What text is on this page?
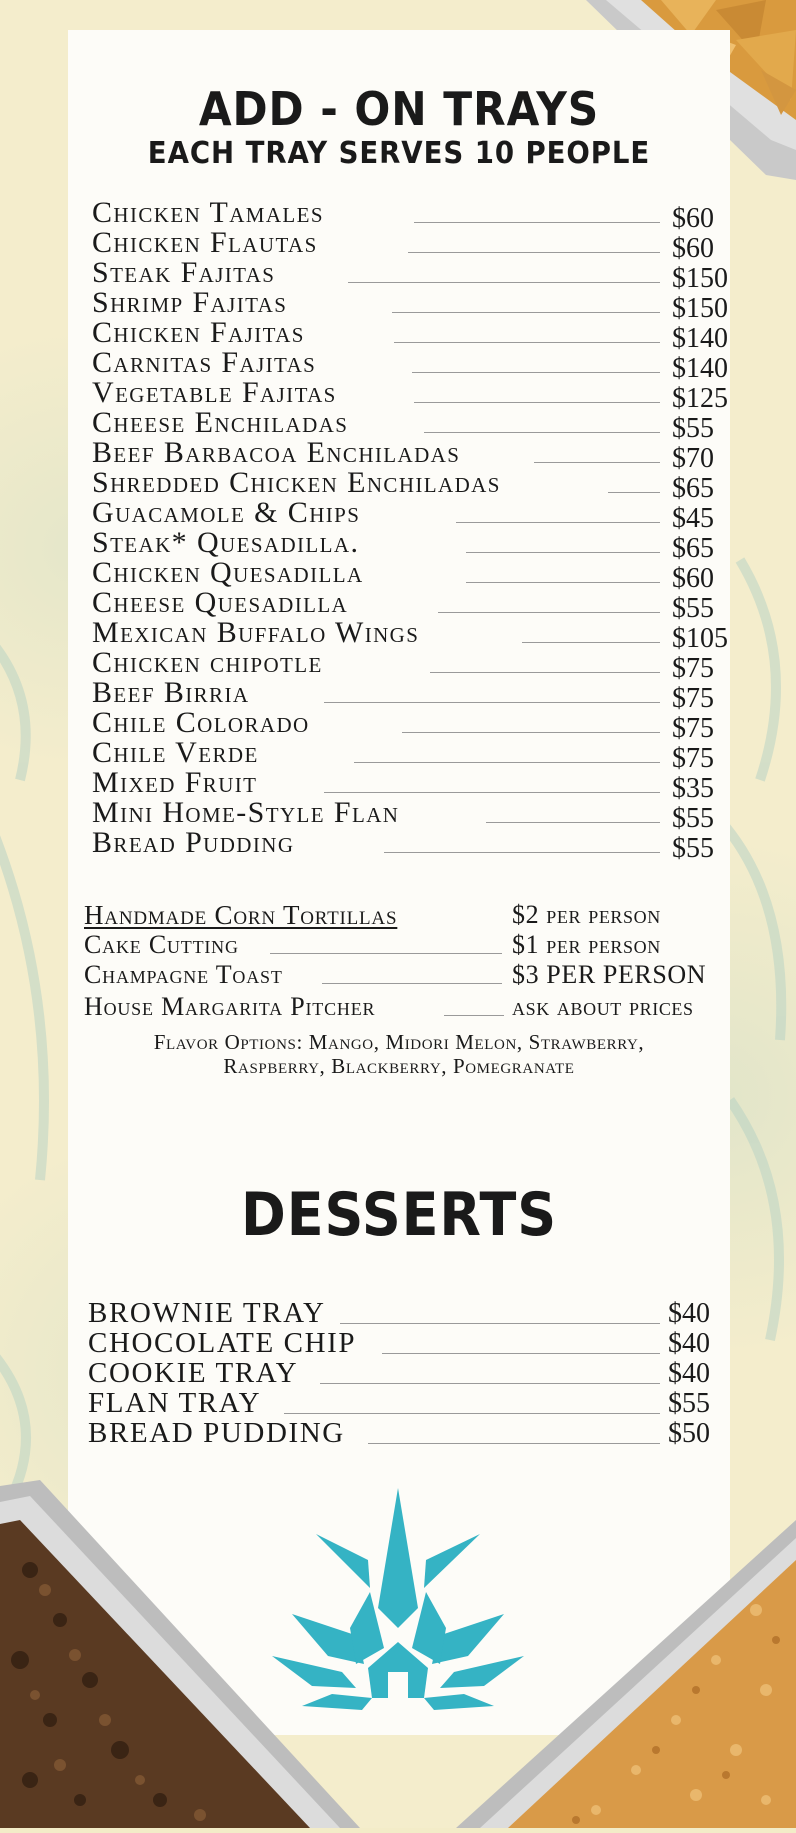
ADD - ON TRAYS
EACH TRAY SERVES 10 PEOPLE
Chicken Tamales	$60
Chicken Flautas	$60
Steak Fajitas	$150
Shrimp Fajitas	$150
Chicken Fajitas	$140
Carnitas Fajitas	$140
Vegetable Fajitas	$125
Cheese Enchiladas	$55
Beef Barbacoa Enchiladas	$70
Shredded Chicken Enchiladas	$65
Guacamole & Chips	$45
Steak* Quesadilla.	$65
Chicken Quesadilla	$60
Cheese Quesadilla	$55
Mexican Buffalo Wings	$105
Chicken chipotle	$75
Beef Birria	$75
Chile Colorado	$75
Chile Verde	$75
Mixed Fruit	$35
Mini Home-Style Flan	$55
Bread Pudding	$55
Handmade Corn Tortillas	$2 per person
Cake Cutting	$1 per person
Champagne Toast	$3 PER PERSON
House Margarita Pitcher	ask about prices
Flavor Options: Mango, Midori Melon, Strawberry,
Raspberry, Blackberry, Pomegranate
DESSERTS
BROWNIE TRAY	$40
CHOCOLATE CHIP	$40
COOKIE TRAY	$40
FLAN TRAY	$55
BREAD PUDDING	$50
